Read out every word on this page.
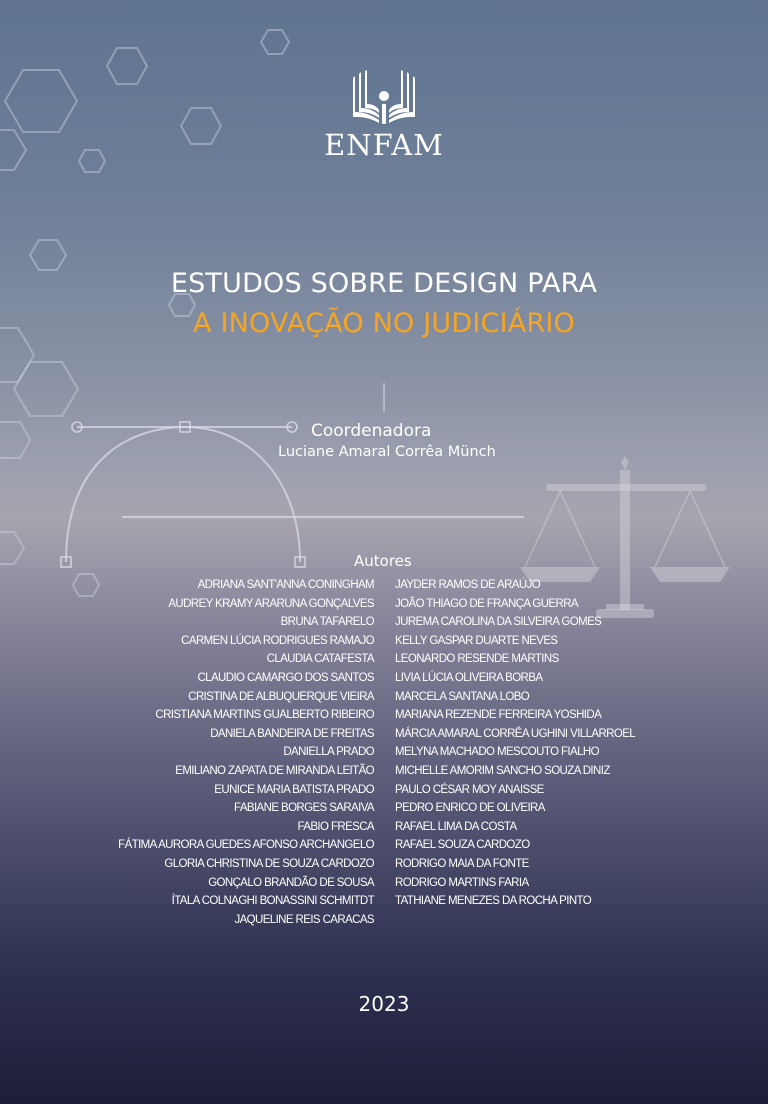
ENFAM
ESTUDOS SOBRE DESIGN PARA
A INOVAÇÃO NO JUDICIÁRIO
Coordenadora
Luciane Amaral Corrêa Münch
Autores
ADRIANA SANT'ANNA CONINGHAM
AUDREY KRAMY ARARUNA GONÇALVES
BRUNA TAFARELO
CARMEN LÚCIA RODRIGUES RAMAJO
CLAUDIA CATAFESTA
CLAUDIO CAMARGO DOS SANTOS
CRISTINA DE ALBUQUERQUE VIEIRA
CRISTIANA MARTINS GUALBERTO RIBEIRO
DANIELA BANDEIRA DE FREITAS
DANIELLA PRADO
EMILIANO ZAPATA DE MIRANDA LEITÃO
EUNICE MARIA BATISTA PRADO
FABIANE BORGES SARAIVA
FABIO FRESCA
FÁTIMA AURORA GUEDES AFONSO ARCHANGELO
GLORIA CHRISTINA DE SOUZA CARDOZO
GONÇALO BRANDÃO DE SOUSA
ÍTALA COLNAGHI BONASSINI SCHMITDT
JAQUELINE REIS CARACAS
JAYDER RAMOS DE ARAÚJO
JOÃO THIAGO DE FRANÇA GUERRA
JUREMA CAROLINA DA SILVEIRA GOMES
KELLY GASPAR DUARTE NEVES
LEONARDO RESENDE MARTINS
LIVIA LÚCIA OLIVEIRA BORBA
MARCELA SANTANA LOBO
MARIANA REZENDE FERREIRA YOSHIDA
MÁRCIA AMARAL CORRÊA UGHINI VILLARROEL
MELYNA MACHADO MESCOUTO FIALHO
MICHELLE AMORIM SANCHO SOUZA DINIZ
PAULO CÉSAR MOY ANAISSE
PEDRO ENRICO DE OLIVEIRA
RAFAEL LIMA DA COSTA
RAFAEL SOUZA CARDOZO
RODRIGO MAIA DA FONTE
RODRIGO MARTINS FARIA
TATHIANE MENEZES DA ROCHA PINTO
2023
